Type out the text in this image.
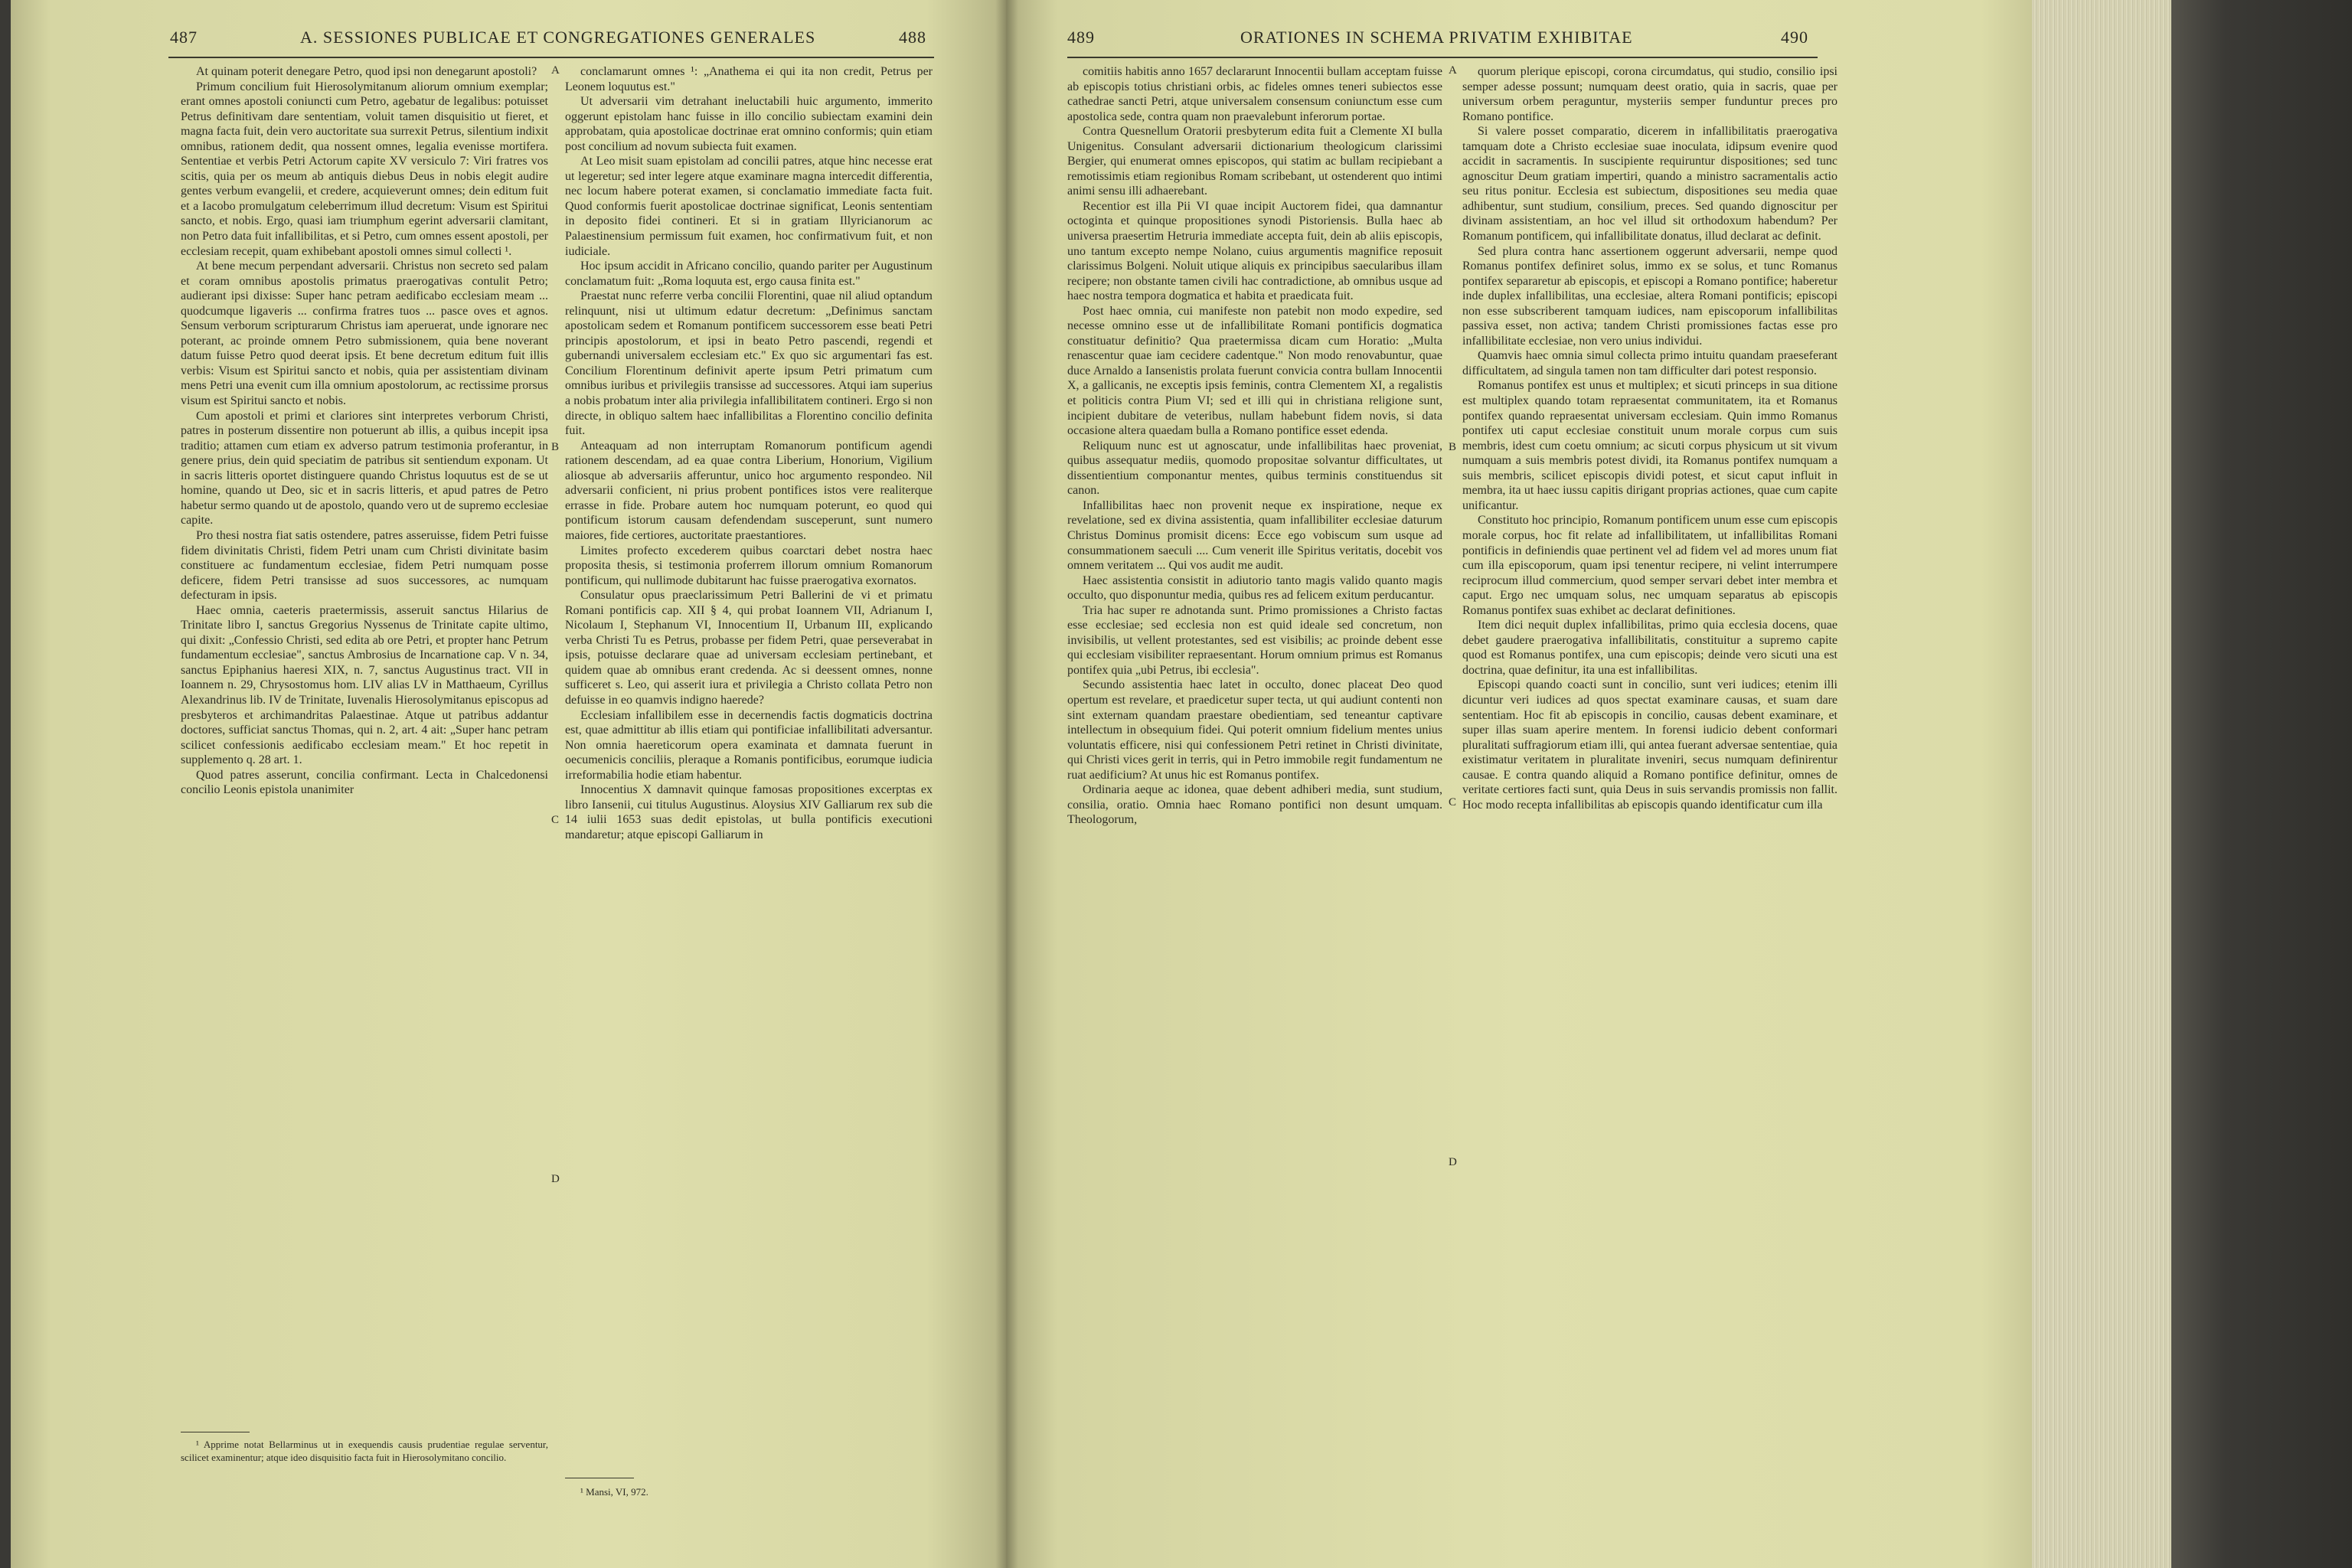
487	A. SESSIONES PUBLICAE ET CONGREGATIONES GENERALES	488

At quinam poterit denegare Petro, quod ipsi non denegarunt apostoli?

Primum concilium fuit Hierosolymitanum aliorum omnium exemplar; erant omnes apostoli coniuncti cum Petro, agebatur de legalibus: potuisset Petrus definitivam dare sententiam, voluit tamen disquisitio ut fieret, et magna facta fuit, dein vero auctoritate sua surrexit Petrus, silentium indixit omnibus, rationem dedit, qua nossent omnes, legalia evenisse mortifera. Sententiae et verbis Petri Actorum capite XV versiculo 7: Viri fratres vos scitis, quia per os meum ab antiquis diebus Deus in nobis elegit audire gentes verbum evangelii, et credere, acquieverunt omnes; dein editum fuit et a Iacobo promulgatum celeberrimum illud decretum: Visum est Spiritui sancto, et nobis. Ergo, quasi iam triumphum egerint adversarii clamitant, non Petro data fuit infallibilitas, et si Petro, cum omnes essent apostoli, per ecclesiam recepit, quam exhibebant apostoli omnes simul collecti ¹.

At bene mecum perpendant adversarii. Christus non secreto sed palam et coram omnibus apostolis primatus praerogativas contulit Petro; audierant ipsi dixisse: Super hanc petram aedificabo ecclesiam meam ... quodcumque ligaveris ... confirma fratres tuos ... pasce oves et agnos. Sensum verborum scripturarum Christus iam aperuerat, unde ignorare nec poterant, ac proinde omnem Petro submissionem, quia bene noverant datum fuisse Petro quod deerat ipsis. Et bene decretum editum fuit illis verbis: Visum est Spiritui sancto et nobis, quia per assistentiam divinam mens Petri una evenit cum illa omnium apostolorum, ac rectissime prorsus visum est Spiritui sancto et nobis.

Cum apostoli et primi et clariores sint interpretes verborum Christi, patres in posterum dissentire non potuerunt ab illis, a quibus incepit ipsa traditio; attamen cum etiam ex adverso patrum testimonia proferantur, in genere prius, dein quid speciatim de patribus sit sentiendum exponam. Ut in sacris litteris oportet distinguere quando Christus loquutus est de se ut homine, quando ut Deo, sic et in sacris litteris, et apud patres de Petro habetur sermo quando ut de apostolo, quando vero ut de supremo ecclesiae capite.

Pro thesi nostra fiat satis ostendere, patres asseruisse, fidem Petri fuisse fidem divinitatis Christi, fidem Petri unam cum Christi divinitate basim constituere ac fundamentum ecclesiae, fidem Petri numquam posse deficere, fidem Petri transisse ad suos successores, ac numquam defecturam in ipsis.

Haec omnia, caeteris praetermissis, asseruit sanctus Hilarius de Trinitate libro I, sanctus Gregorius Nyssenus de Trinitate capite ultimo, qui dixit: „Confessio Christi, sed edita ab ore Petri, et propter hanc Petrum fundamentum ecclesiae", sanctus Ambrosius de Incarnatione cap. V n. 34, sanctus Epiphanius haeresi XIX, n. 7, sanctus Augustinus tract. VII in Ioannem n. 29, Chrysostomus hom. LIV alias LV in Matthaeum, Cyrillus Alexandrinus lib. IV de Trinitate, Iuvenalis Hierosolymitanus episcopus ad presbyteros et archimandritas Palaestinae. Atque ut patribus addantur doctores, sufficiat sanctus Thomas, qui n. 2, art. 4 ait: „Super hanc petram scilicet confessionis aedificabo ecclesiam meam." Et hoc repetit in supplemento q. 28 art. 1.

Quod patres asserunt, concilia confirmant. Lecta in Chalcedonensi concilio Leonis epistola unanimiter

conclamarunt omnes ¹: „Anathema ei qui ita non credit, Petrus per Leonem loquutus est."

Ut adversarii vim detrahant ineluctabili huic argumento, immerito oggerunt epistolam hanc fuisse in illo concilio subiectam examini dein approbatam, quia apostolicae doctrinae erat omnino conformis; quin etiam post concilium ad novum subiecta fuit examen.

At Leo misit suam epistolam ad concilii patres, atque hinc necesse erat ut legeretur; sed inter legere atque examinare magna intercedit differentia, nec locum habere poterat examen, si conclamatio immediate facta fuit. Quod conformis fuerit apostolicae doctrinae significat, Leonis sententiam in deposito fidei contineri. Et si in gratiam Illyricianorum ac Palaestinensium permissum fuit examen, hoc confirmativum fuit, et non iudiciale.

Hoc ipsum accidit in Africano concilio, quando pariter per Augustinum conclamatum fuit: „Roma loquuta est, ergo causa finita est."

Praestat nunc referre verba concilii Florentini, quae nil aliud optandum relinquunt, nisi ut ultimum edatur decretum: „Definimus sanctam apostolicam sedem et Romanum pontificem successorem esse beati Petri principis apostolorum, et ipsi in beato Petro pascendi, regendi et gubernandi universalem ecclesiam etc." Ex quo sic argumentari fas est. Concilium Florentinum definivit aperte ipsum Petri primatum cum omnibus iuribus et privilegiis transisse ad successores. Atqui iam superius a nobis probatum inter alia privilegia infallibilitatem contineri. Ergo si non directe, in obliquo saltem haec infallibilitas a Florentino concilio definita fuit.

Anteaquam ad non interruptam Romanorum pontificum agendi rationem descendam, ad ea quae contra Liberium, Honorium, Vigilium aliosque ab adversariis afferuntur, unico hoc argumento respondeo. Nil adversarii conficient, ni prius probent pontifices istos vere realiterque errasse in fide. Probare autem hoc numquam poterunt, eo quod qui pontificum istorum causam defendendam susceperunt, sunt numero maiores, fide certiores, auctoritate praestantiores.

Limites profecto excederem quibus coarctari debet nostra haec proposita thesis, si testimonia proferrem illorum omnium Romanorum pontificum, qui nullimode dubitarunt hac fuisse praerogativa exornatos.

Consulatur opus praeclarissimum Petri Ballerini de vi et primatu Romani pontificis cap. XII § 4, qui probat Ioannem VII, Adrianum I, Nicolaum I, Stephanum VI, Innocentium II, Urbanum III, explicando verba Christi Tu es Petrus, probasse per fidem Petri, quae perseverabat in ipsis, potuisse declarare quae ad universam ecclesiam pertinebant, et quidem quae ab omnibus erant credenda. Ac si deessent omnes, nonne sufficeret s. Leo, qui asserit iura et privilegia a Christo collata Petro non defuisse in eo quamvis indigno haerede?

Ecclesiam infallibilem esse in decernendis factis dogmaticis doctrina est, quae admittitur ab illis etiam qui pontificiae infallibilitati adversantur. Non omnia haereticorum opera examinata et damnata fuerunt in oecumenicis conciliis, pleraque a Romanis pontificibus, eorumque iudicia irreformabilia hodie etiam habentur.

Innocentius X damnavit quinque famosas propositiones excerptas ex libro Iansenii, cui titulus Augustinus. Aloysius XIV Galliarum rex sub die 14 iulii 1653 suas dedit epistolas, ut bulla pontificis executioni mandaretur; atque episcopi Galliarum in

A
B
C
D

¹ Apprime notat Bellarminus ut in exequendis causis prudentiae regulae serventur, scilicet examinentur; atque ideo disquisitio facta fuit in Hierosolymitano concilio.

¹ Mansi, VI, 972.

489	ORATIONES IN SCHEMA PRIVATIM EXHIBITAE	490

comitiis habitis anno 1657 declararunt Innocentii bullam acceptam fuisse ab episcopis totius christiani orbis, ac fideles omnes teneri subiectos esse cathedrae sancti Petri, atque universalem consensum coniunctum esse cum apostolica sede, contra quam non praevalebunt inferorum portae.

Contra Quesnellum Oratorii presbyterum edita fuit a Clemente XI bulla Unigenitus. Consulant adversarii dictionarium theologicum clarissimi Bergier, qui enumerat omnes episcopos, qui statim ac bullam recipiebant a remotissimis etiam regionibus Romam scribebant, ut ostenderent quo intimi animi sensu illi adhaerebant.

Recentior est illa Pii VI quae incipit Auctorem fidei, qua damnantur octoginta et quinque propositiones synodi Pistoriensis. Bulla haec ab universa praesertim Hetruria immediate accepta fuit, dein ab aliis episcopis, uno tantum excepto nempe Nolano, cuius argumentis magnifice reposuit clarissimus Bolgeni. Noluit utique aliquis ex principibus saecularibus illam recipere; non obstante tamen civili hac contradictione, ab omnibus usque ad haec nostra tempora dogmatica et habita et praedicata fuit.

Post haec omnia, cui manifeste non patebit non modo expedire, sed necesse omnino esse ut de infallibilitate Romani pontificis dogmatica constituatur definitio? Qua praetermissa dicam cum Horatio: „Multa renascentur quae iam cecidere cadentque." Non modo renovabuntur, quae duce Arnaldo a Iansenistis prolata fuerunt convicia contra bullam Innocentii X, a gallicanis, ne exceptis ipsis feminis, contra Clementem XI, a regalistis et politicis contra Pium VI; sed et illi qui in christiana religione sunt, incipient dubitare de veteribus, nullam habebunt fidem novis, si data occasione altera quaedam bulla a Romano pontifice esset edenda.

Reliquum nunc est ut agnoscatur, unde infallibilitas haec proveniat, quibus assequatur mediis, quomodo propositae solvantur difficultates, ut dissentientium componantur mentes, quibus terminis constituendus sit canon.

Infallibilitas haec non provenit neque ex inspiratione, neque ex revelatione, sed ex divina assistentia, quam infallibiliter ecclesiae daturum Christus Dominus promisit dicens: Ecce ego vobiscum sum usque ad consummationem saeculi .... Cum venerit ille Spiritus veritatis, docebit vos omnem veritatem ... Qui vos audit me audit.

Haec assistentia consistit in adiutorio tanto magis valido quanto magis occulto, quo disponuntur media, quibus res ad felicem exitum perducantur.

Tria hac super re adnotanda sunt. Primo promissiones a Christo factas esse ecclesiae; sed ecclesia non est quid ideale sed concretum, non invisibilis, ut vellent protestantes, sed est visibilis; ac proinde debent esse qui ecclesiam visibiliter repraesentant. Horum omnium primus est Romanus pontifex quia „ubi Petrus, ibi ecclesia".

Secundo assistentia haec latet in occulto, donec placeat Deo quod opertum est revelare, et praedicetur super tecta, ut qui audiunt contenti non sint externam quandam praestare obedientiam, sed teneantur captivare intellectum in obsequium fidei. Qui poterit omnium fidelium mentes unius voluntatis efficere, nisi qui confessionem Petri retinet in Christi divinitate, qui Christi vices gerit in terris, qui in Petro immobile regit fundamentum ne ruat aedificium? At unus hic est Romanus pontifex.

Ordinaria aeque ac idonea, quae debent adhiberi media, sunt studium, consilia, oratio. Omnia haec Romano pontifici non desunt umquam. Theologorum,

quorum plerique episcopi, corona circumdatus, qui studio, consilio ipsi semper adesse possunt; numquam deest oratio, quia in sacris, quae per universum orbem peraguntur, mysteriis semper funduntur preces pro Romano pontifice.

Si valere posset comparatio, dicerem in infallibilitatis praerogativa tamquam dote a Christo ecclesiae suae inoculata, idipsum evenire quod accidit in sacramentis. In suscipiente requiruntur dispositiones; sed tunc agnoscitur Deum gratiam impertiri, quando a ministro sacramentalis actio seu ritus ponitur. Ecclesia est subiectum, dispositiones seu media quae adhibentur, sunt studium, consilium, preces. Sed quando dignoscitur per divinam assistentiam, an hoc vel illud sit orthodoxum habendum? Per Romanum pontificem, qui infallibilitate donatus, illud declarat ac definit.

Sed plura contra hanc assertionem oggerunt adversarii, nempe quod Romanus pontifex definiret solus, immo ex se solus, et tunc Romanus pontifex separaretur ab episcopis, et episcopi a Romano pontifice; haberetur inde duplex infallibilitas, una ecclesiae, altera Romani pontificis; episcopi non esse subscriberent tamquam iudices, nam episcoporum infallibilitas passiva esset, non activa; tandem Christi promissiones factas esse pro infallibilitate ecclesiae, non vero unius individui.

Quamvis haec omnia simul collecta primo intuitu quandam praeseferant difficultatem, ad singula tamen non tam difficulter dari potest responsio.

Romanus pontifex est unus et multiplex; et sicuti princeps in sua ditione est multiplex quando totam repraesentat communitatem, ita et Romanus pontifex quando repraesentat universam ecclesiam. Quin immo Romanus pontifex uti caput ecclesiae constituit unum morale corpus cum suis membris, idest cum coetu omnium; ac sicuti corpus physicum ut sit vivum numquam a suis membris potest dividi, ita Romanus pontifex numquam a suis membris, scilicet episcopis dividi potest, et sicut caput influit in membra, ita ut haec iussu capitis dirigant proprias actiones, quae cum capite unificantur.

Constituto hoc principio, Romanum pontificem unum esse cum episcopis morale corpus, hoc fit relate ad infallibilitatem, ut infallibilitas Romani pontificis in definiendis quae pertinent vel ad fidem vel ad mores unum fiat cum illa episcoporum, quam ipsi tenentur recipere, ni velint interrumpere reciprocum illud commercium, quod semper servari debet inter membra et caput. Ergo nec umquam solus, nec umquam separatus ab episcopis Romanus pontifex suas exhibet ac declarat definitiones.

Item dici nequit duplex infallibilitas, primo quia ecclesia docens, quae debet gaudere praerogativa infallibilitatis, constituitur a supremo capite quod est Romanus pontifex, una cum episcopis; deinde vero sicuti una est doctrina, quae definitur, ita una est infallibilitas.

Episcopi quando coacti sunt in concilio, sunt veri iudices; etenim illi dicuntur veri iudices ad quos spectat examinare causas, et suam dare sententiam. Hoc fit ab episcopis in concilio, causas debent examinare, et super illas suam aperire mentem. In forensi iudicio debent conformari pluralitati suffragiorum etiam illi, qui antea fuerant adversae sententiae, quia existimatur veritatem in pluralitate inveniri, secus numquam definirentur causae. E contra quando aliquid a Romano pontifice definitur, omnes de veritate certiores facti sunt, quia Deus in suis servandis promissis non fallit. Hoc modo recepta infallibilitas ab episcopis quando identificatur cum illa

A
B
C
D
